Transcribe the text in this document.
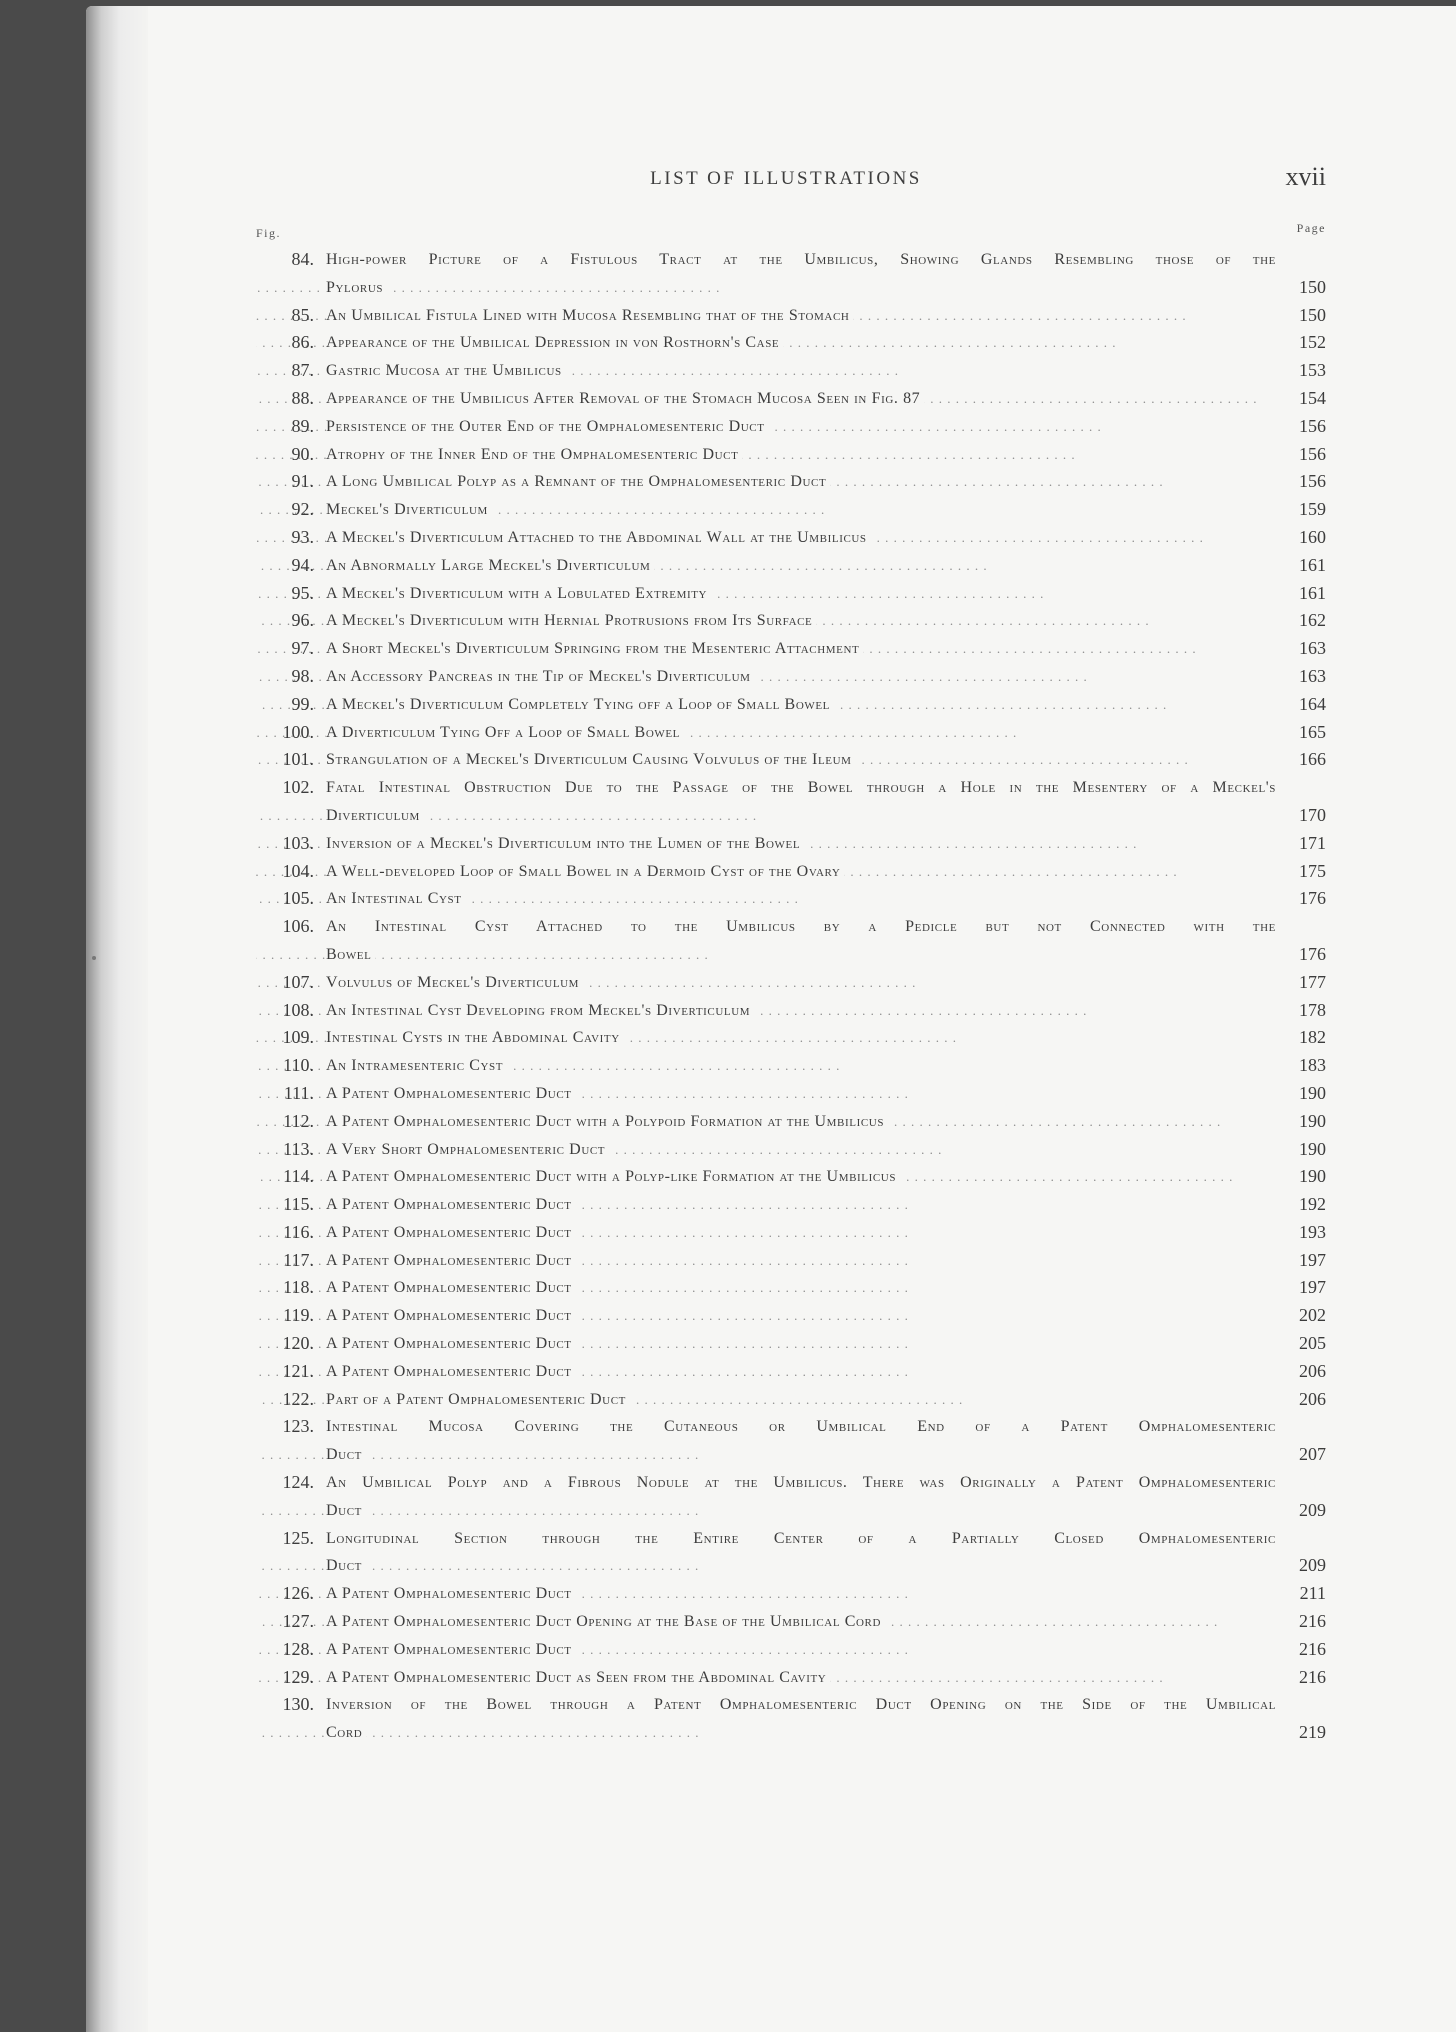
LIST OF ILLUSTRATIONS	xvii
Fig.	Page
84. High-power Picture of a Fistulous Tract at the Umbilicus, Showing Glands Resembling those of the Pylorus . . .	150
85. An Umbilical Fistula Lined with Mucosa Resembling that of the Stomach . . .	150
86. Appearance of the Umbilical Depression in von Rosthorn's Case . . .	152
87. Gastric Mucosa at the Umbilicus . . .	153
88. Appearance of the Umbilicus After Removal of the Stomach Mucosa Seen in Fig. 87 . . .	154
89. Persistence of the Outer End of the Omphalomesenteric Duct . . .	156
90. Atrophy of the Inner End of the Omphalomesenteric Duct . . .	156
91. A Long Umbilical Polyp as a Remnant of the Omphalomesenteric Duct . . .	156
92. Meckel's Diverticulum . . .	159
93. A Meckel's Diverticulum Attached to the Abdominal Wall at the Umbilicus . . .	160
94. An Abnormally Large Meckel's Diverticulum . . .	161
95. A Meckel's Diverticulum with a Lobulated Extremity . . .	161
96. A Meckel's Diverticulum with Hernial Protrusions from Its Surface . . .	162
97. A Short Meckel's Diverticulum Springing from the Mesenteric Attachment . . .	163
98. An Accessory Pancreas in the Tip of Meckel's Diverticulum . . .	163
99. A Meckel's Diverticulum Completely Tying off a Loop of Small Bowel . . .	164
100. A Diverticulum Tying Off a Loop of Small Bowel . . .	165
101. Strangulation of a Meckel's Diverticulum Causing Volvulus of the Ileum . . .	166
102. Fatal Intestinal Obstruction Due to the Passage of the Bowel through a Hole in the Mesentery of a Meckel's Diverticulum . . .	170
103. Inversion of a Meckel's Diverticulum into the Lumen of the Bowel . . .	171
104. A Well-developed Loop of Small Bowel in a Dermoid Cyst of the Ovary . . .	175
105. An Intestinal Cyst . . .	176
106. An Intestinal Cyst Attached to the Umbilicus by a Pedicle but not Connected with the Bowel . . .	176
107. Volvulus of Meckel's Diverticulum . . .	177
108. An Intestinal Cyst Developing from Meckel's Diverticulum . . .	178
109. Intestinal Cysts in the Abdominal Cavity . . .	182
110. An Intramesenteric Cyst . . .	183
111. A Patent Omphalomesenteric Duct . . .	190
112. A Patent Omphalomesenteric Duct with a Polypoid Formation at the Umbilicus . . .	190
113. A Very Short Omphalomesenteric Duct . . .	190
114. A Patent Omphalomesenteric Duct with a Polyp-like Formation at the Umbilicus . . .	190
115. A Patent Omphalomesenteric Duct . . .	192
116. A Patent Omphalomesenteric Duct . . .	193
117. A Patent Omphalomesenteric Duct . . .	197
118. A Patent Omphalomesenteric Duct . . .	197
119. A Patent Omphalomesenteric Duct . . .	202
120. A Patent Omphalomesenteric Duct . . .	205
121. A Patent Omphalomesenteric Duct . . .	206
122. Part of a Patent Omphalomesenteric Duct . . .	206
123. Intestinal Mucosa Covering the Cutaneous or Umbilical End of a Patent Omphalomesenteric Duct . . .	207
124. An Umbilical Polyp and a Fibrous Nodule at the Umbilicus. There was Originally a Patent Omphalomesenteric Duct . . .	209
125. Longitudinal Section through the Entire Center of a Partially Closed Omphalomesenteric Duct . . .	209
126. A Patent Omphalomesenteric Duct . . .	211
127. A Patent Omphalomesenteric Duct Opening at the Base of the Umbilical Cord . . .	216
128. A Patent Omphalomesenteric Duct . . .	216
129. A Patent Omphalomesenteric Duct as Seen from the Abdominal Cavity . . .	216
130. Inversion of the Bowel through a Patent Omphalomesenteric Duct Opening on the Side of the Umbilical Cord . . .	219
